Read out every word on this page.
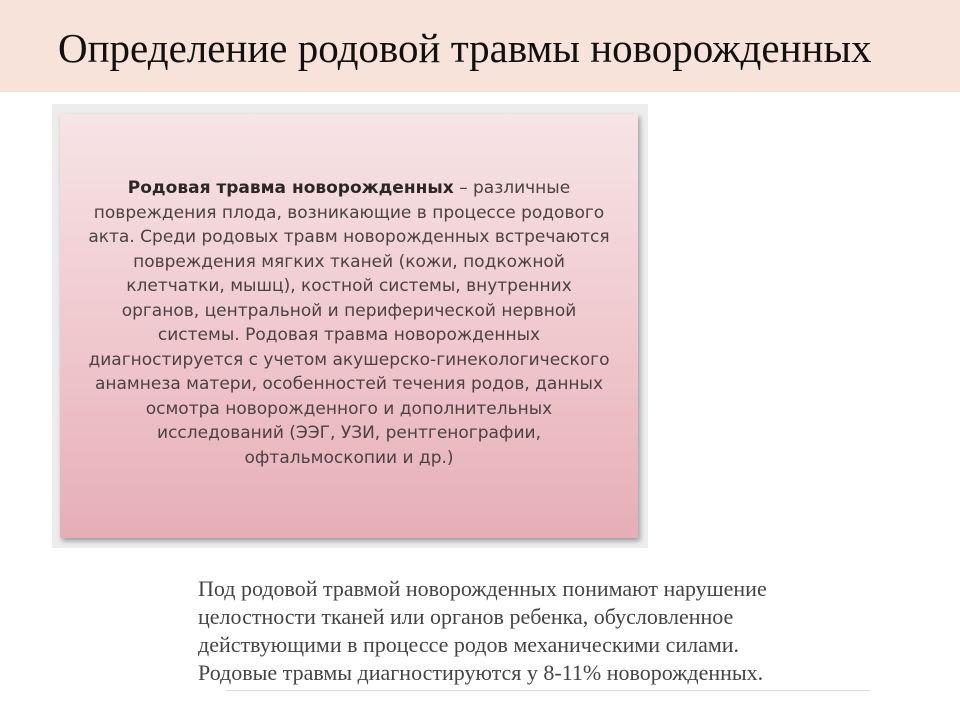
Определение родовой травмы новорожденных
Родовая травма новорожденных – различные повреждения плода, возникающие в процессе родового акта. Среди родовых травм новорожденных встречаются повреждения мягких тканей (кожи, подкожной клетчатки, мышц), костной системы, внутренних органов, центральной и периферической нервной системы. Родовая травма новорожденных диагностируется с учетом акушерско-гинекологического анамнеза матери, особенностей течения родов, данных осмотра новорожденного и дополнительных исследований (ЭЭГ, УЗИ, рентгенографии, офтальмоскопии и др.)

Под родовой травмой новорожденных понимают нарушение

целостности тканей или органов ребенка, обусловленное

действующими в процессе родов механическими силами.

Родовые травмы диагностируются у 8-11% новорожденных.
